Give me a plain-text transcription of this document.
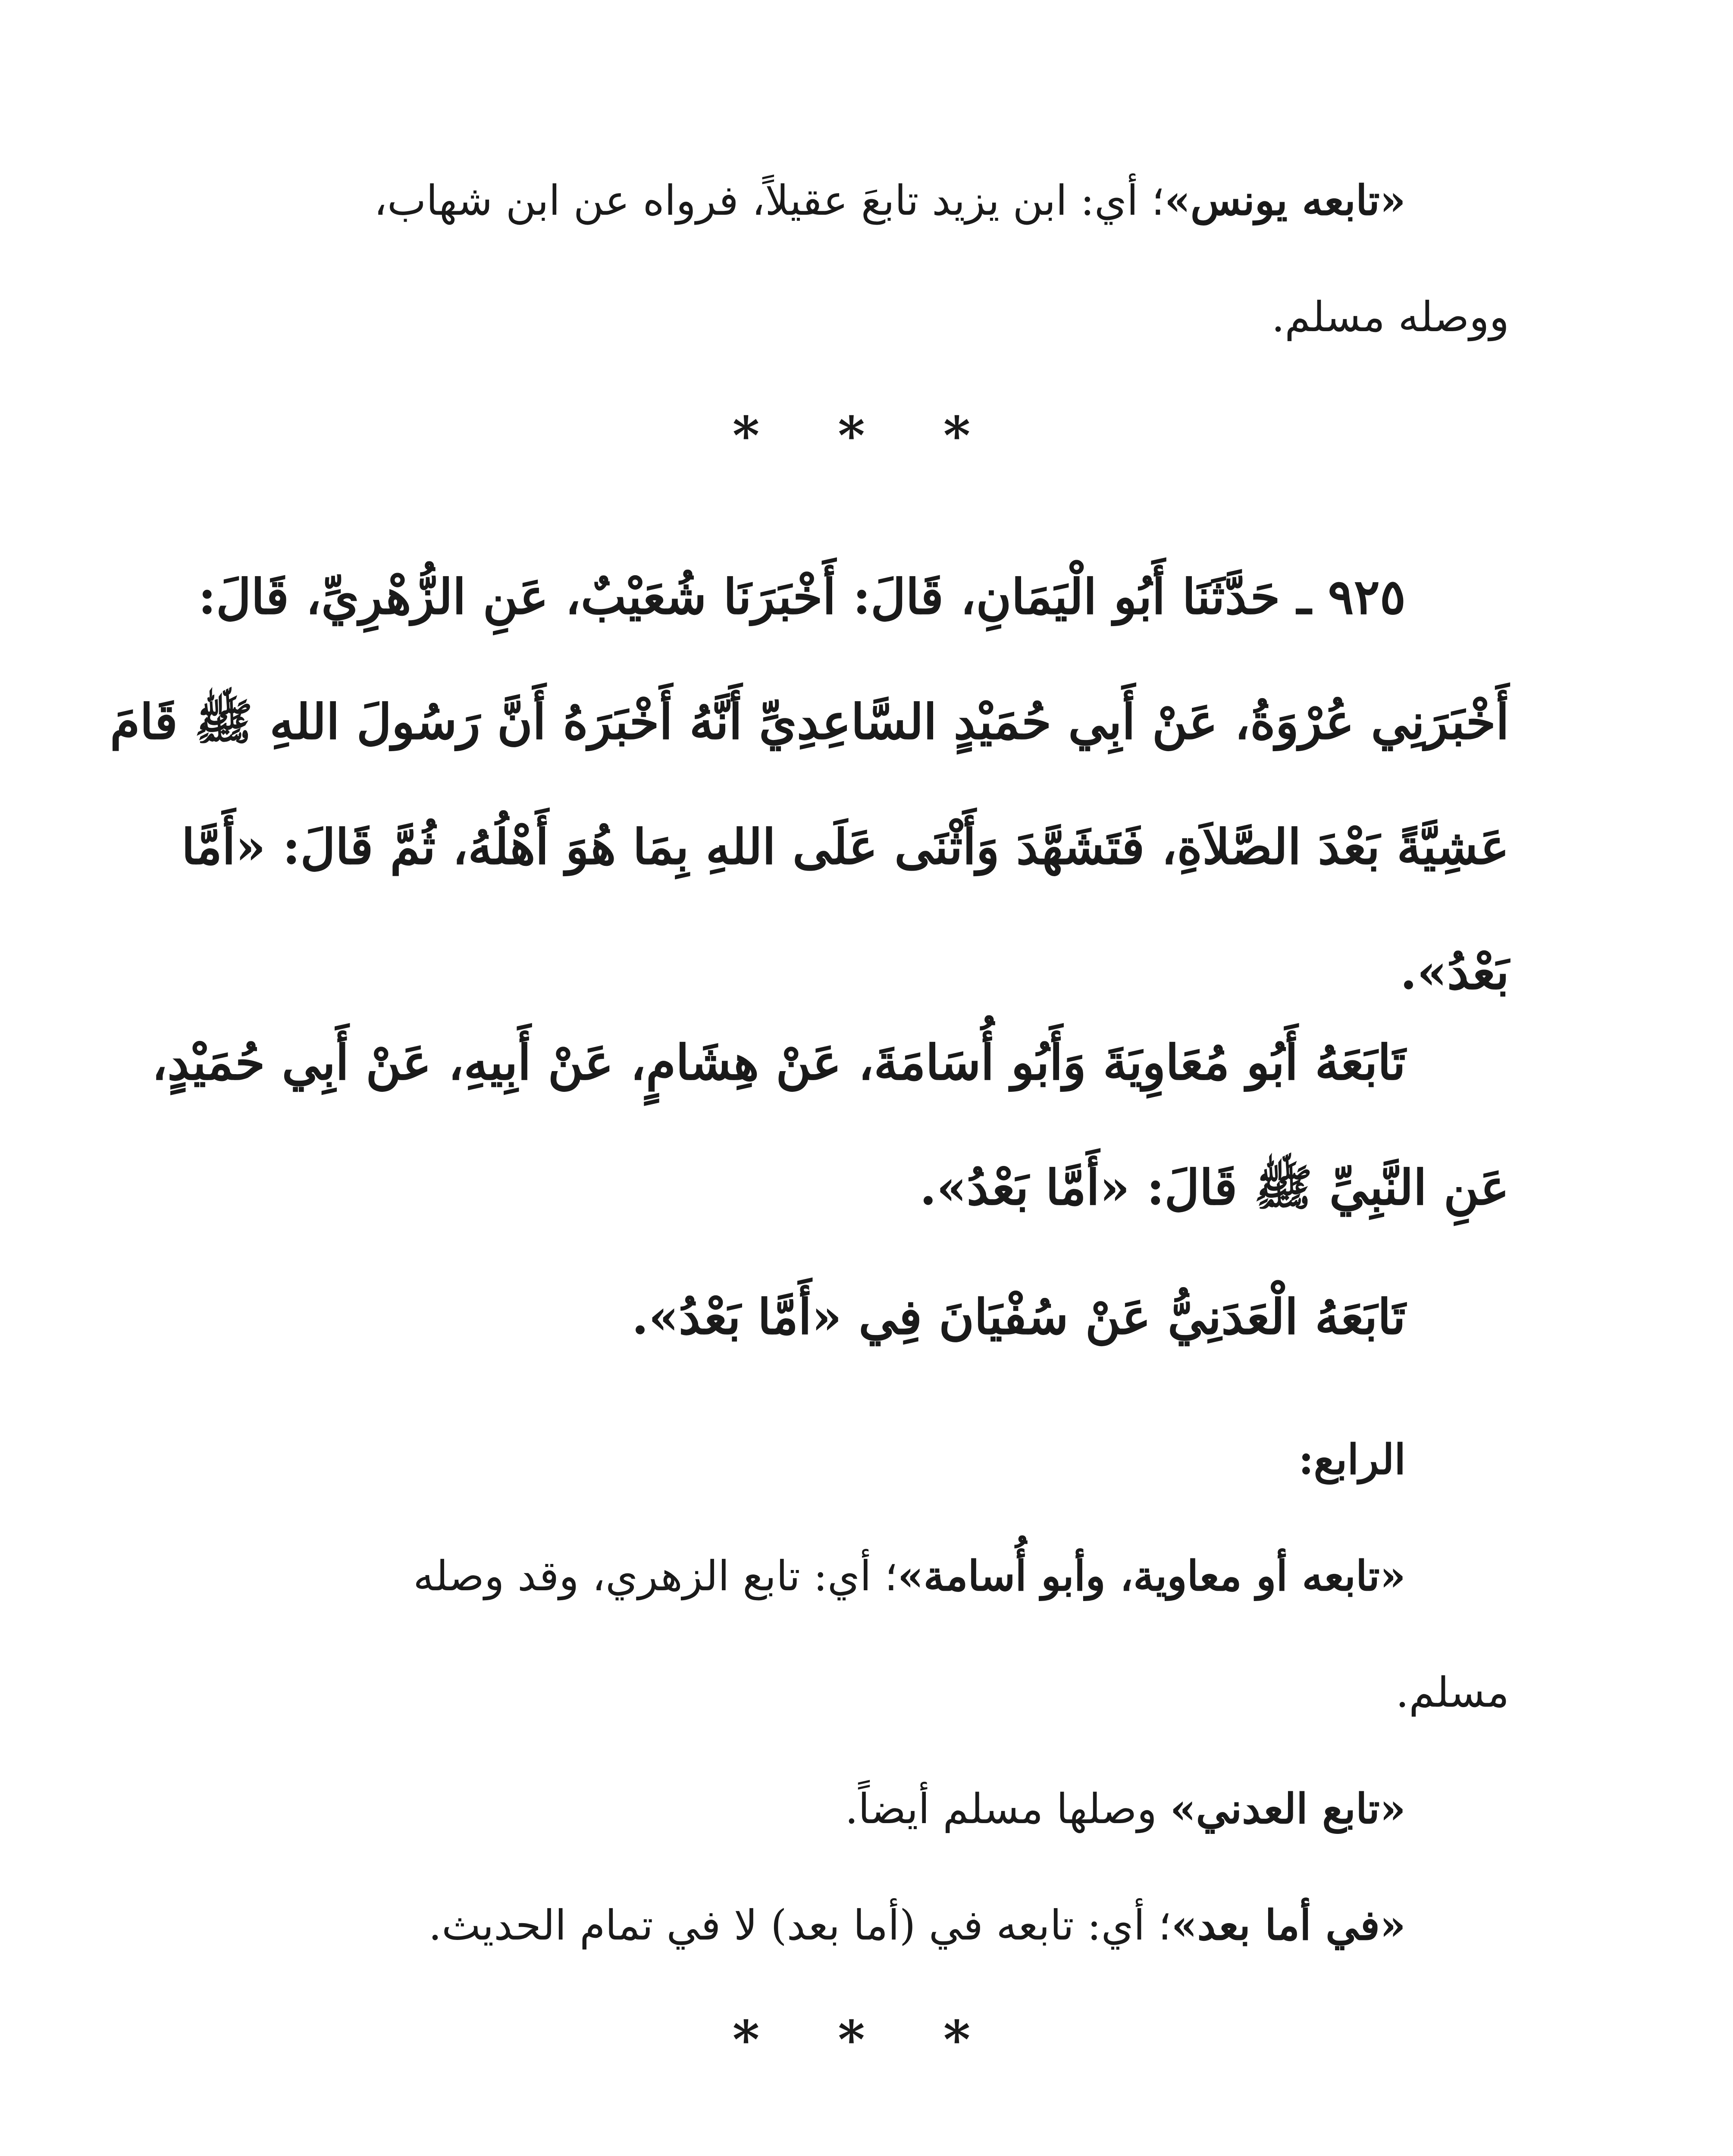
«تابعه يونس»؛ أي: ابن يزيد تابعَ عقيلاً، فرواه عن ابن شهاب،
ووصله مسلم.
* * *
٩٢٥ ـ حَدَّثَنَا أَبُو الْيَمَانِ، قَالَ: أَخْبَرَنَا شُعَيْبٌ، عَنِ الزُّهْرِيِّ، قَالَ:
أَخْبَرَنِي عُرْوَةُ، عَنْ أَبِي حُمَيْدٍ السَّاعِدِيِّ أَنَّهُ أَخْبَرَهُ أَنَّ رَسُولَ اللهِ ﷺ قَامَ
عَشِيَّةً بَعْدَ الصَّلاَةِ، فَتَشَهَّدَ وَأَثْنَى عَلَى اللهِ بِمَا هُوَ أَهْلُهُ، ثُمَّ قَالَ: «أَمَّا
بَعْدُ».
تَابَعَهُ أَبُو مُعَاوِيَةَ وَأَبُو أُسَامَةَ، عَنْ هِشَامٍ، عَنْ أَبِيهِ، عَنْ أَبِي حُمَيْدٍ،
عَنِ النَّبِيِّ ﷺ قَالَ: «أَمَّا بَعْدُ».
تَابَعَهُ الْعَدَنِيُّ عَنْ سُفْيَانَ فِي «أَمَّا بَعْدُ».
الرابع:
«تابعه أو معاوية، وأبو أُسامة»؛ أي: تابع الزهري، وقد وصله
مسلم.
«تابع العدني» وصلها مسلم أيضاً.
«في أما بعد»؛ أي: تابعه في (أما بعد) لا في تمام الحديث.
* * *
